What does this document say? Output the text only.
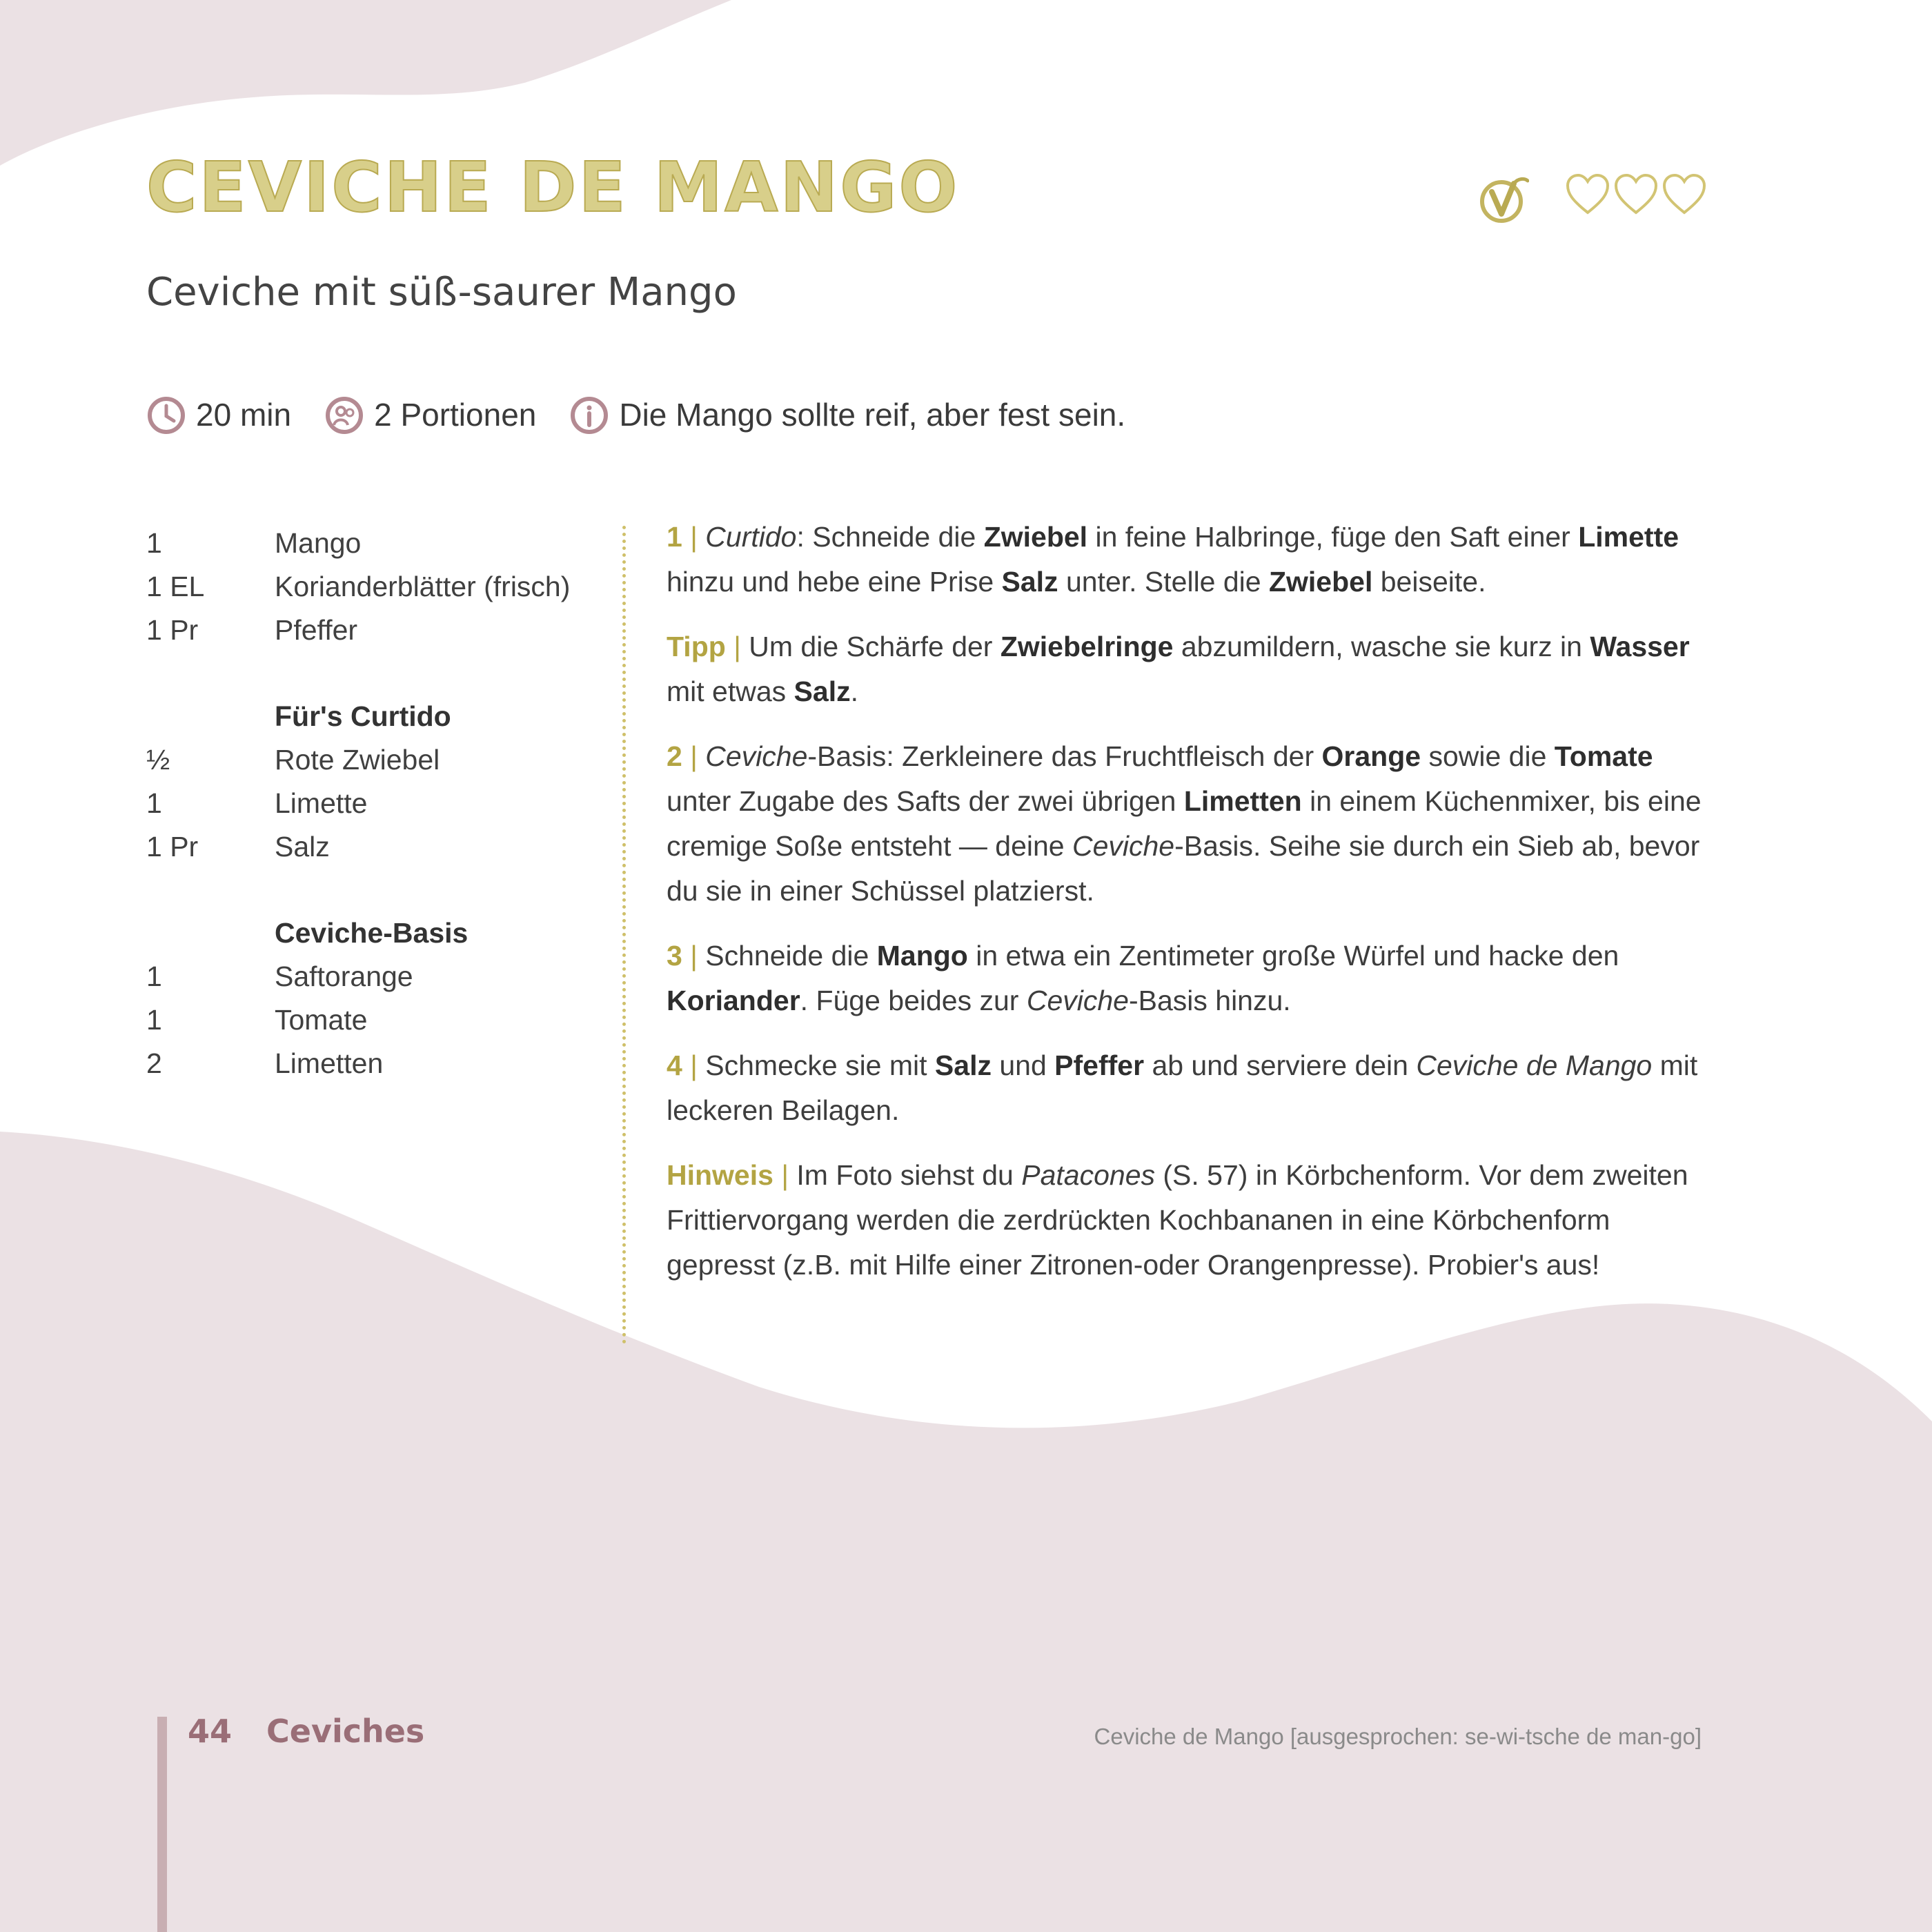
CEVICHE DE MANGO
Ceviche mit süß-saurer Mango
20 min	2 Portionen	Die Mango sollte reif, aber fest sein.
1	Mango
1 EL	Korianderblätter (frisch)
1 Pr	Pfeffer
Für's Curtido
½	Rote Zwiebel
1	Limette
1 Pr	Salz
Ceviche-Basis
1	Saftorange
1	Tomate
2	Limetten

1 | Curtido: Schneide die Zwiebel in feine Halbringe, füge den Saft einer Limette hinzu und hebe eine Prise Salz unter. Stelle die Zwiebel beiseite.

Tipp | Um die Schärfe der Zwiebelringe abzumildern, wasche sie kurz in Wasser mit etwas Salz.

2 | Ceviche-Basis: Zerkleinere das Fruchtfleisch der Orange sowie die Tomate unter Zugabe des Safts der zwei übrigen Limetten in einem Küchenmixer, bis eine cremige Soße entsteht — deine Ceviche-Basis. Seihe sie durch ein Sieb ab, bevor du sie in einer Schüssel platzierst.

3 | Schneide die Mango in etwa ein Zentimeter große Würfel und hacke den Koriander. Füge beides zur Ceviche-Basis hinzu.

4 | Schmecke sie mit Salz und Pfeffer ab und serviere dein Ceviche de Mango mit leckeren Beilagen.

Hinweis | Im Foto siehst du Patacones (S. 57) in Körbchenform. Vor dem zweiten Frittiervorgang werden die zerdrückten Kochbananen in eine Körbchenform gepresst (z.B. mit Hilfe einer Zitronen-oder Orangenpresse). Probier's aus!

44 Ceviches	Ceviche de Mango [ausgesprochen: se-wi-tsche de man-go]
